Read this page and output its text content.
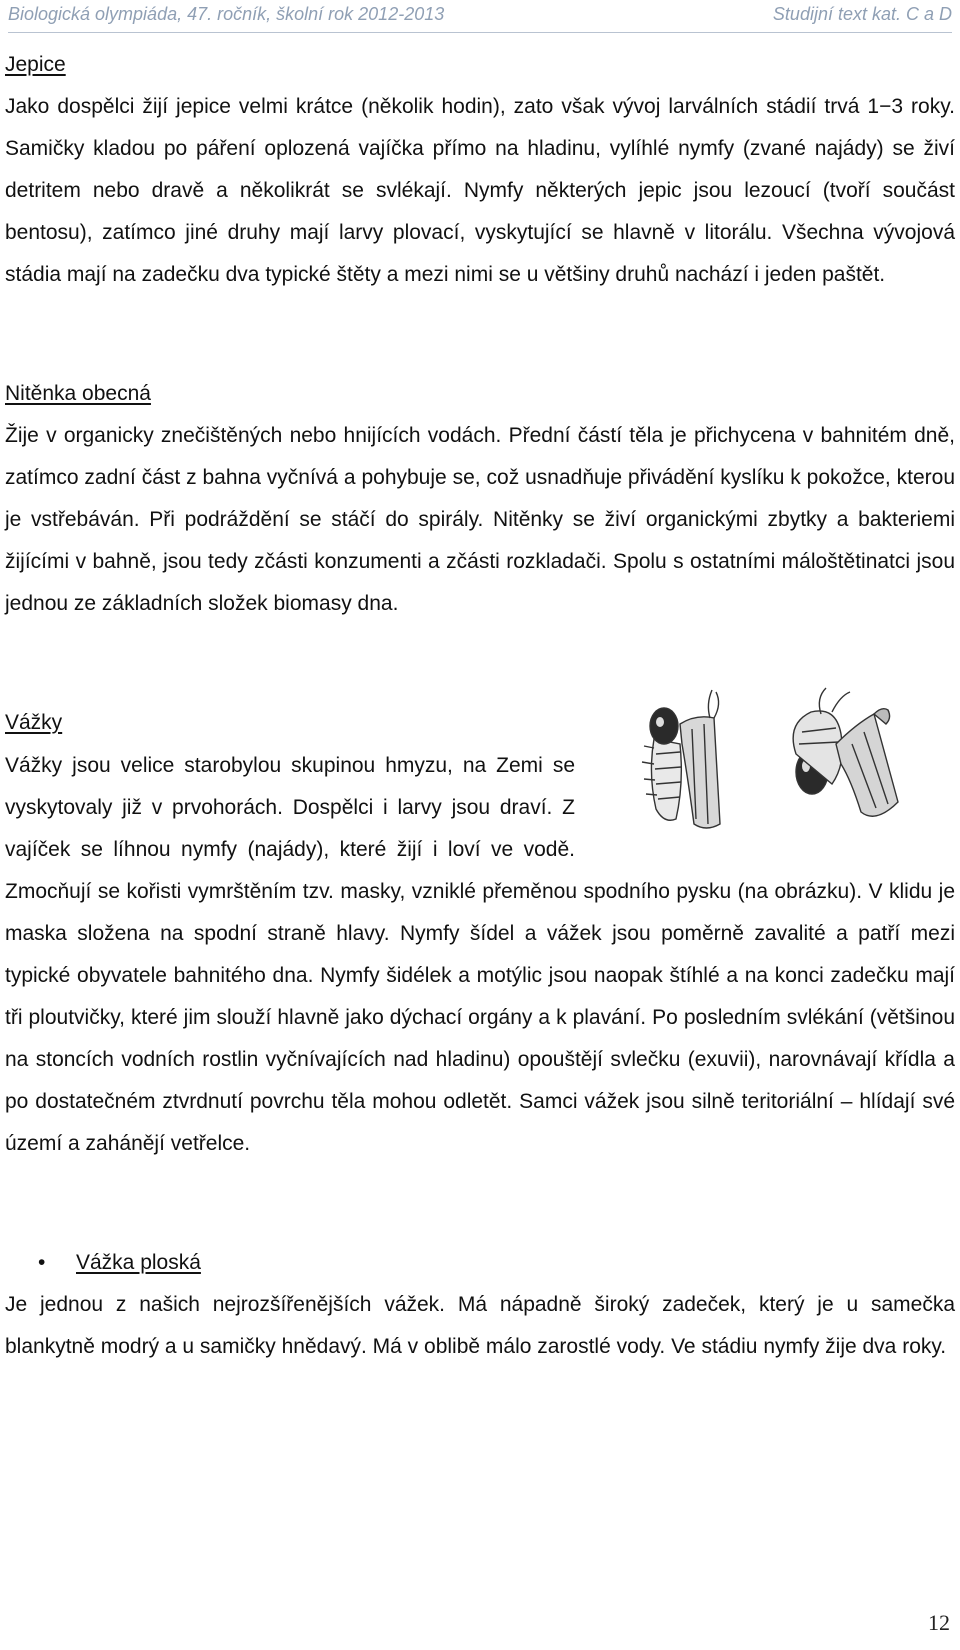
Biologická olympiáda, 47. ročník, školní rok 2012-2013	Studijní text kat. C a D
Jepice

Jako dospělci žijí jepice velmi krátce (několik hodin), zato však vývoj larválních stádií trvá 1−3 roky. Samičky kladou po páření oplozená vajíčka přímo na hladinu, vylíhlé nymfy (zvané najády) se živí detritem nebo dravě a několikrát se svlékají. Nymfy některých jepic jsou lezoucí (tvoří součást bentosu), zatímco jiné druhy mají larvy plovací, vyskytující se hlavně v litorálu. Všechna vývojová stádia mají na zadečku dva typické štěty a mezi nimi se u většiny druhů nachází i jeden paštět.

Nitěnka obecná

Žije v organicky znečištěných nebo hnijících vodách. Přední částí těla je přichycena v bahnitém dně, zatímco zadní část z bahna vyčnívá a pohybuje se, což usnadňuje přivádění kyslíku k pokožce, kterou je vstřebáván. Při podráždění se stáčí do spirály. Nitěnky se živí organickými zbytky a bakteriemi žijícími v bahně, jsou tedy zčásti konzumenti a zčásti rozkladači. Spolu s ostatními máloštětinatci jsou jednou ze základních složek biomasy dna.

Vážky
Vážky jsou velice starobylou skupinou hmyzu, na Zemi se vyskytovaly již v prvohorách. Dospělci i larvy jsou draví. Z vajíček se líhnou nymfy (najády), které žijí i loví ve vodě. Zmocňují se kořisti vymrštěním tzv. masky, vzniklé přeměnou spodního pysku (na obrázku). V klidu je maska složena na spodní straně hlavy. Nymfy šídel a vážek jsou poměrně zavalité a patří mezi typické obyvatele bahnitého dna. Nymfy šidélek a motýlic jsou naopak štíhlé a na konci zadečku mají tři ploutvičky, které jim slouží hlavně jako dýchací orgány a k plavání. Po posledním svlékání (většinou na stoncích vodních rostlin vyčnívajících nad hladinu) opouštějí svlečku (exuvii), narovnávají křídla a po dostatečném ztvrdnutí povrchu těla mohou odletět. Samci vážek jsou silně teritoriální – hlídají své území a zahánějí vetřelce.
• Vážka ploská

Je jednou z našich nejrozšířenějších vážek. Má nápadně široký zadeček, který je u samečka blankytně modrý a u samičky hnědavý. Má v oblibě málo zarostlé vody. Ve stádiu nymfy žije dva roky.

12
